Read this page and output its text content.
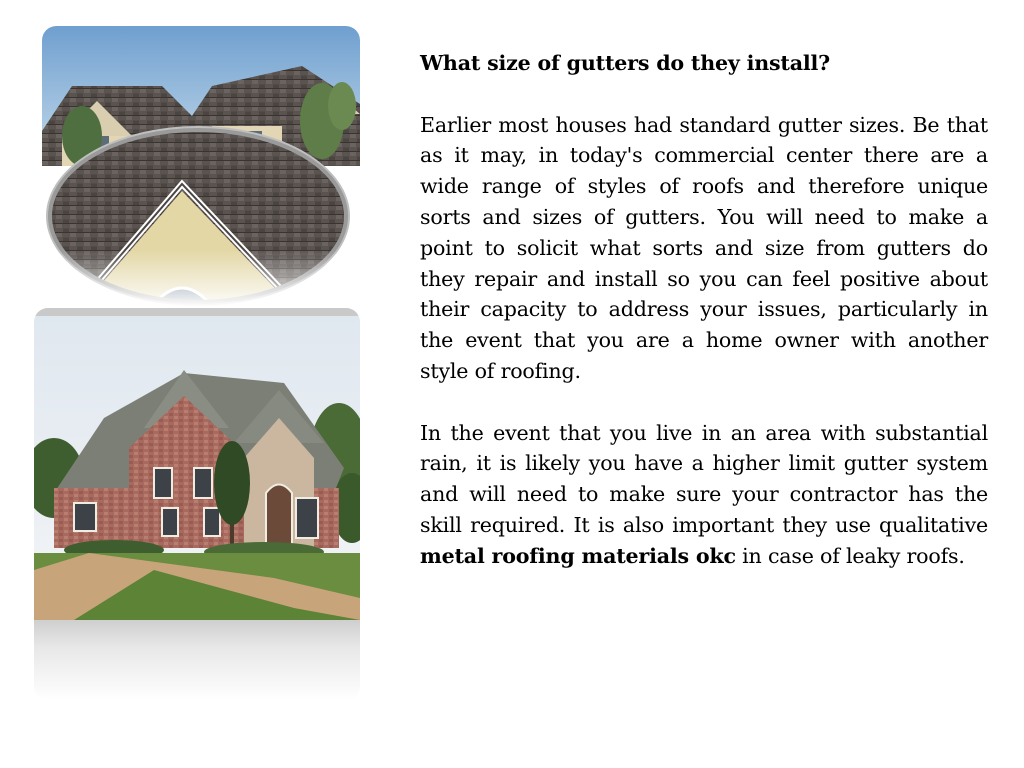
What size of gutters do they install?

Earlier most houses had standard gutter sizes. Be that as it may, in today's commercial center there are a wide range of styles of roofs and therefore unique sorts and sizes of gutters. You will need to make a point to solicit what sorts and size from gutters do they repair and install so you can feel positive about their capacity to address your issues, particularly in the event that you are a home owner with another style of roofing.

In the event that you live in an area with substantial rain, it is likely you have a higher limit gutter system and will need to make sure your contractor has the skill required. It is also important they use qualitative metal roofing materials okc in case of leaky roofs.
